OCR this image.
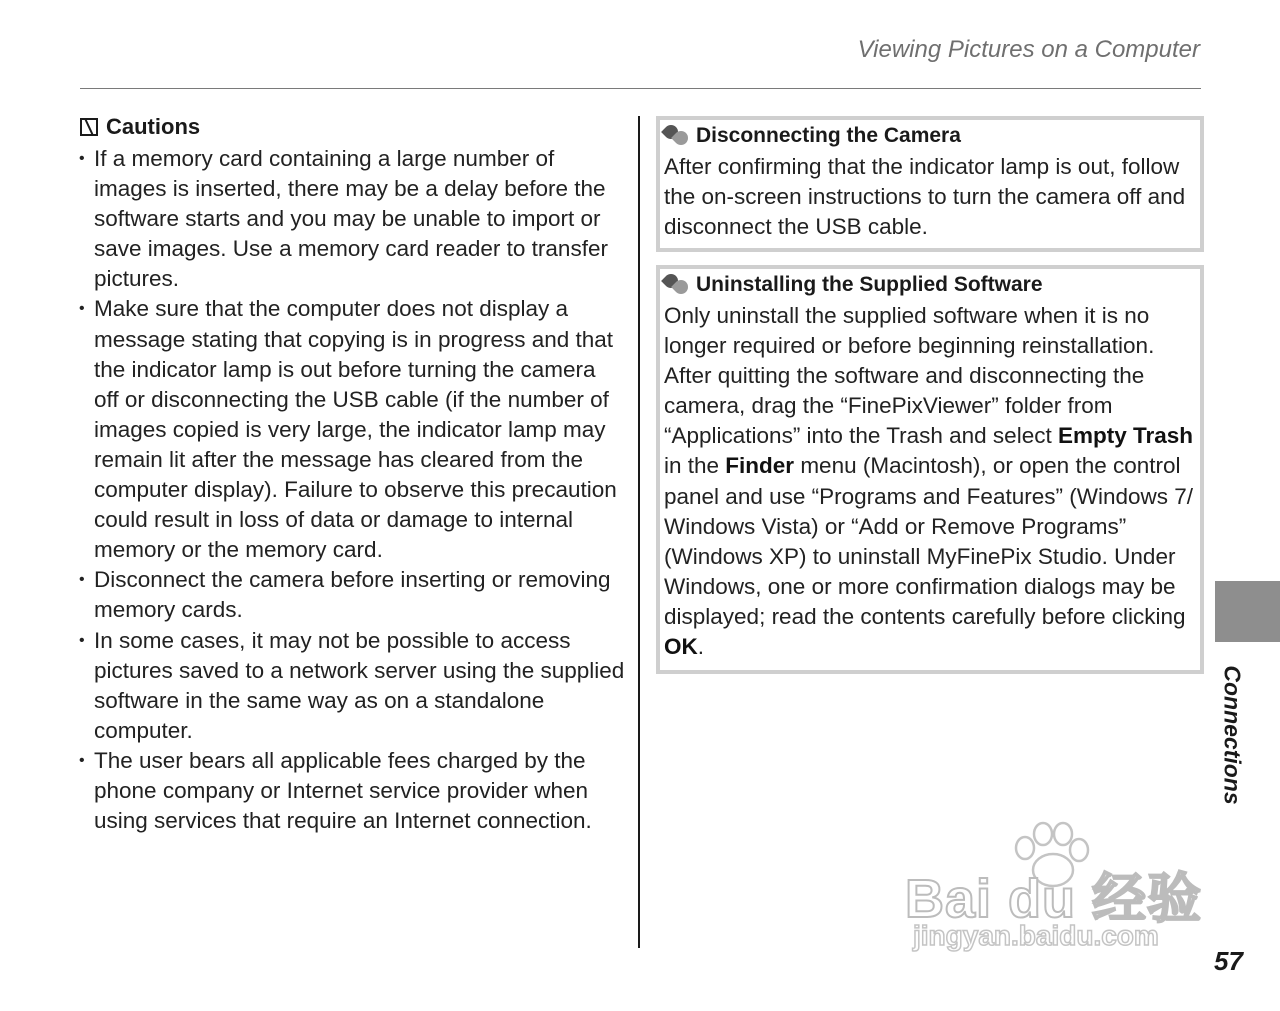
Viewing Pictures on a Computer
Cautions
• If a memory card containing a large number of images is inserted, there may be a delay before the software starts and you may be unable to import or save images. Use a memory card reader to transfer pictures.
• Make sure that the computer does not display a message stating that copying is in progress and that the indicator lamp is out before turning the camera off or disconnecting the USB cable (if the number of images copied is very large, the indicator lamp may remain lit after the message has cleared from the computer display). Failure to observe this precaution could result in loss of data or damage to internal memory or the memory card.
• Disconnect the camera before inserting or removing memory cards.
• In some cases, it may not be possible to access pictures saved to a network server using the supplied software in the same way as on a standalone computer.
• The user bears all applicable fees charged by the phone company or Internet service provider when using services that require an Internet connection.
Disconnecting the Camera
After confirming that the indicator lamp is out, follow the on-screen instructions to turn the camera off and disconnect the USB cable.
Uninstalling the Supplied Software
Only uninstall the supplied software when it is no longer required or before beginning reinstallation. After quitting the software and disconnecting the camera, drag the “FinePixViewer” folder from “Applications” into the Trash and select Empty Trash in the Finder menu (Macintosh), or open the control panel and use “Programs and Features” (Windows 7/ Windows Vista) or “Add or Remove Programs” (Windows XP) to uninstall MyFinePix Studio. Under Windows, one or more confirmation dialogs may be displayed; read the contents carefully before clicking OK.
Connections
Bai du 经验
jingyan.baidu.com
57
